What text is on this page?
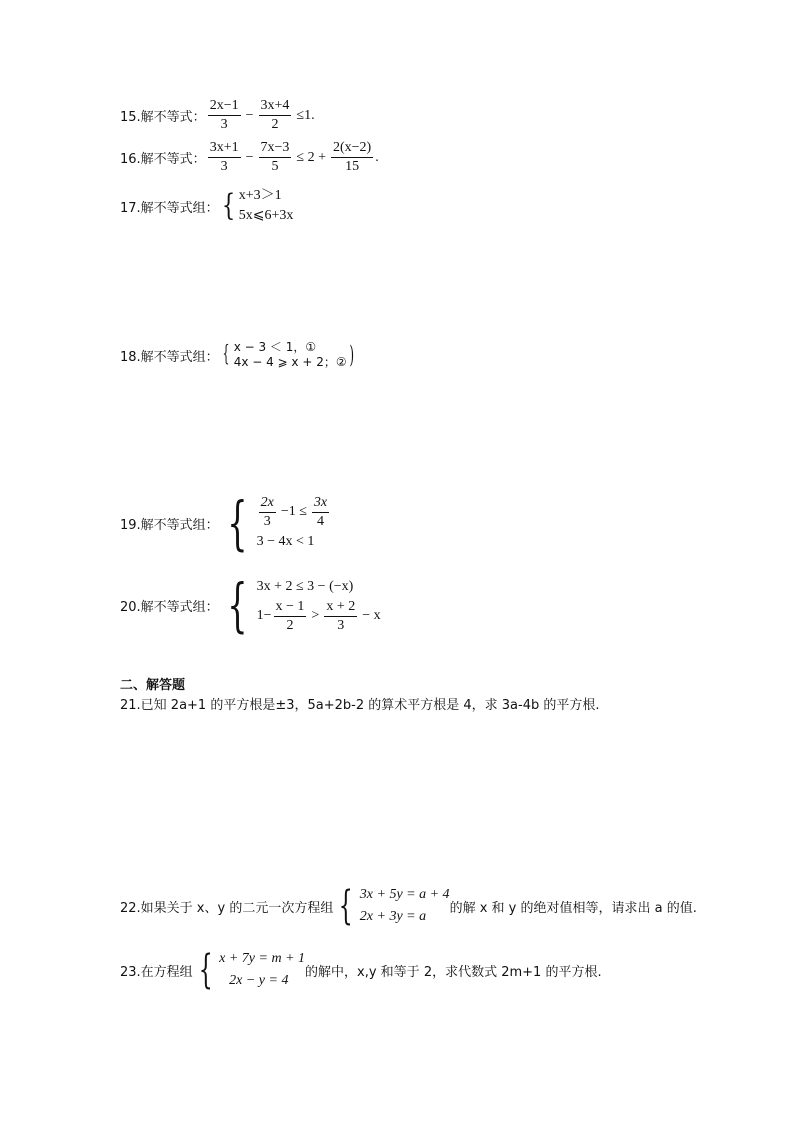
15.解不等式： $\frac{2x-1}{3} - \frac{3x+4}{2} \le 1$.
16.解不等式： $\frac{3x+1}{3} - \frac{7x-3}{5} \le 2 + \frac{2(x-2)}{15}$ .
17.解不等式组： { x+3＞1
5x⩽6+3x
18.解不等式组： { x − 3 ＜ 1，①
4x − 4 ⩾ x + 2；② )
19.解不等式组： { $\frac{2x}{3} -1 \le \frac{3x}{4}$
3 − 4x < 1
20.解不等式组： { 3x + 2 ≤ 3 − (−x)
$1- \frac{x - 1}{2} > \frac{x + 2}{3} - x$
二、解答题
21.已知 2a+1 的平方根是±3，5a+2b-2 的算术平方根是 4，求 3a-4b 的平方根.
22.如果关于 x、y 的二元一次方程组 { 3x + 5y = a + 4
2x + 3y = a
的解 x 和 y 的绝对值相等，请求出 a 的值.
23.在方程组 { x + 7y = m + 1
2x − y = 4
的解中，x,y 和等于 2，求代数式 2m+1 的平方根.
